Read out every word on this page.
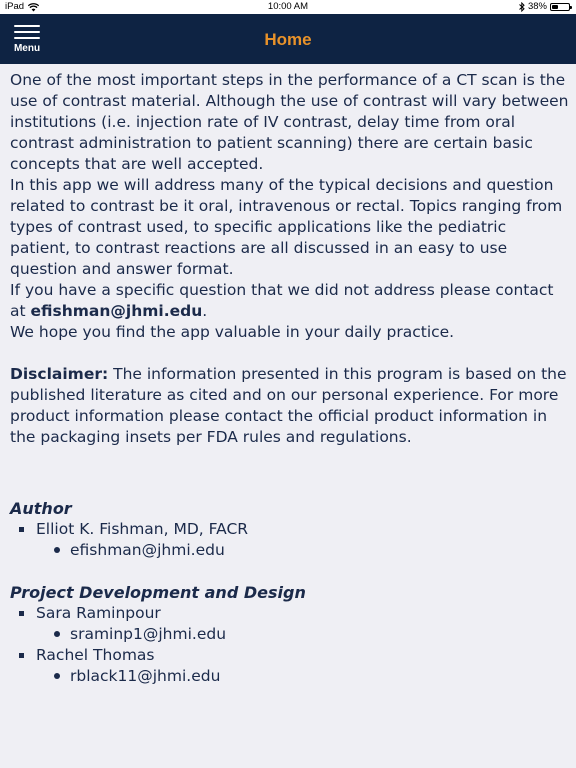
iPad	10:00 AM	38%
Menu	Home

One of the most important steps in the performance of a CT scan is the use of contrast material. Although the use of contrast will vary between institutions (i.e. injection rate of IV contrast, delay time from oral contrast administration to patient scanning) there are certain basic concepts that are well accepted.

In this app we will address many of the typical decisions and question related to contrast be it oral, intravenous or rectal. Topics ranging from types of contrast used, to specific applications like the pediatric patient, to contrast reactions are all discussed in an easy to use question and answer format.

If you have a specific question that we did not address please contact at efishman@jhmi.edu.

We hope you find the app valuable in your daily practice.

Disclaimer: The information presented in this program is based on the published literature as cited and on our personal experience. For more product information please contact the official product information in the packaging insets per FDA rules and regulations.

Author
Elliot K. Fishman, MD, FACR
efishman@jhmi.edu
Project Development and Design
Sara Raminpour
sraminp1@jhmi.edu
Rachel Thomas
rblack11@jhmi.edu
